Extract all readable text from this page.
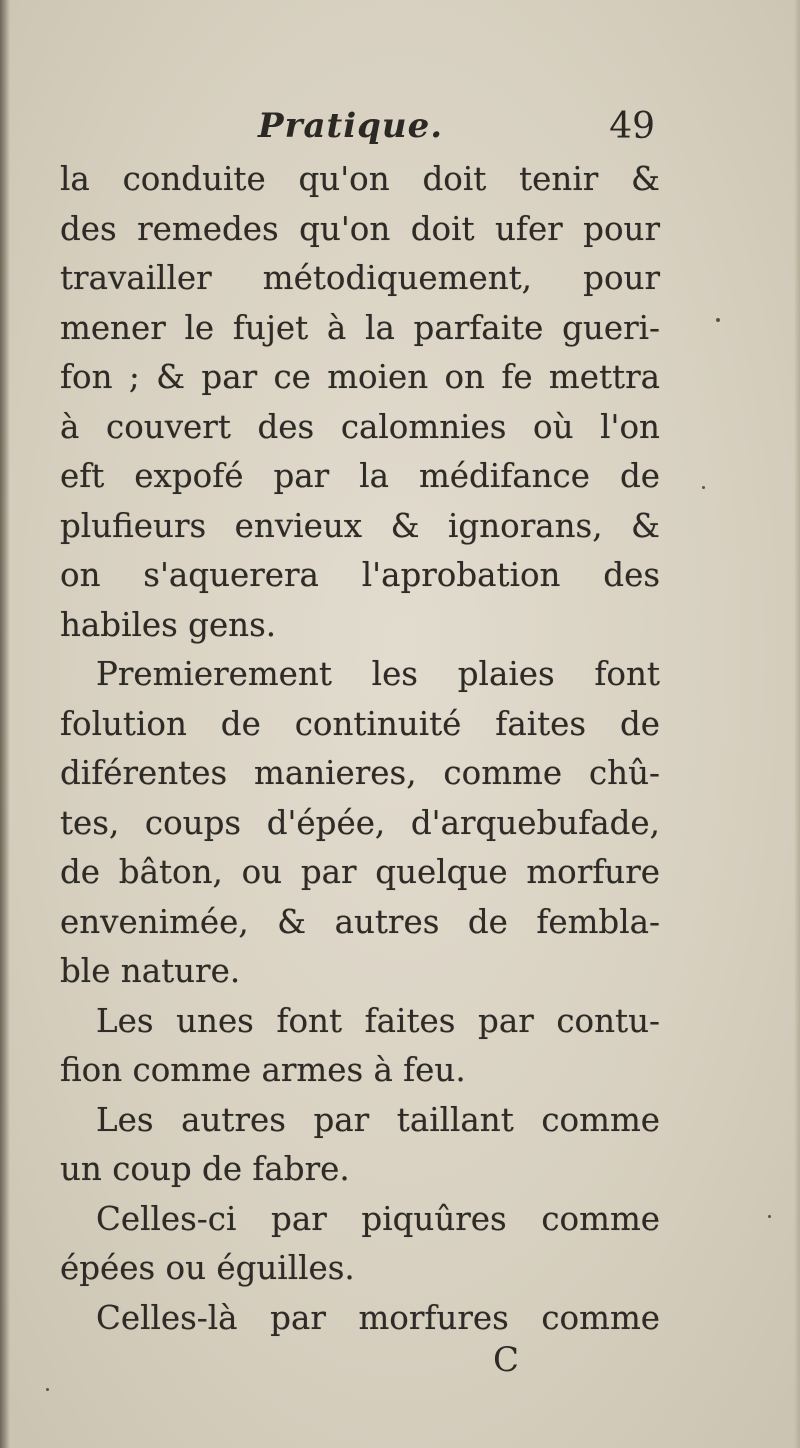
Pratique.	49
la conduite qu'on doit tenir &
des remedes qu'on doit ufer pour
travailler métodiquement, pour
mener le fujet à la parfaite gueri-
fon ; & par ce moien on fe mettra
à couvert des calomnies où l'on
eft expofé par la médifance de
plufieurs envieux & ignorans, &
on s'aquerera l'aprobation des
habiles gens.
Premierement les plaies font
folution de continuité faites de
diférentes manieres, comme chû-
tes, coups d'épée, d'arquebufade,
de bâton, ou par quelque morfure
envenimée, & autres de fembla-
ble nature.
Les unes font faites par contu-
fion comme armes à feu.
Les autres par taillant comme
un coup de fabre.
Celles-ci par piquûres comme
épées ou éguilles.
Celles-là par morfures comme
C
